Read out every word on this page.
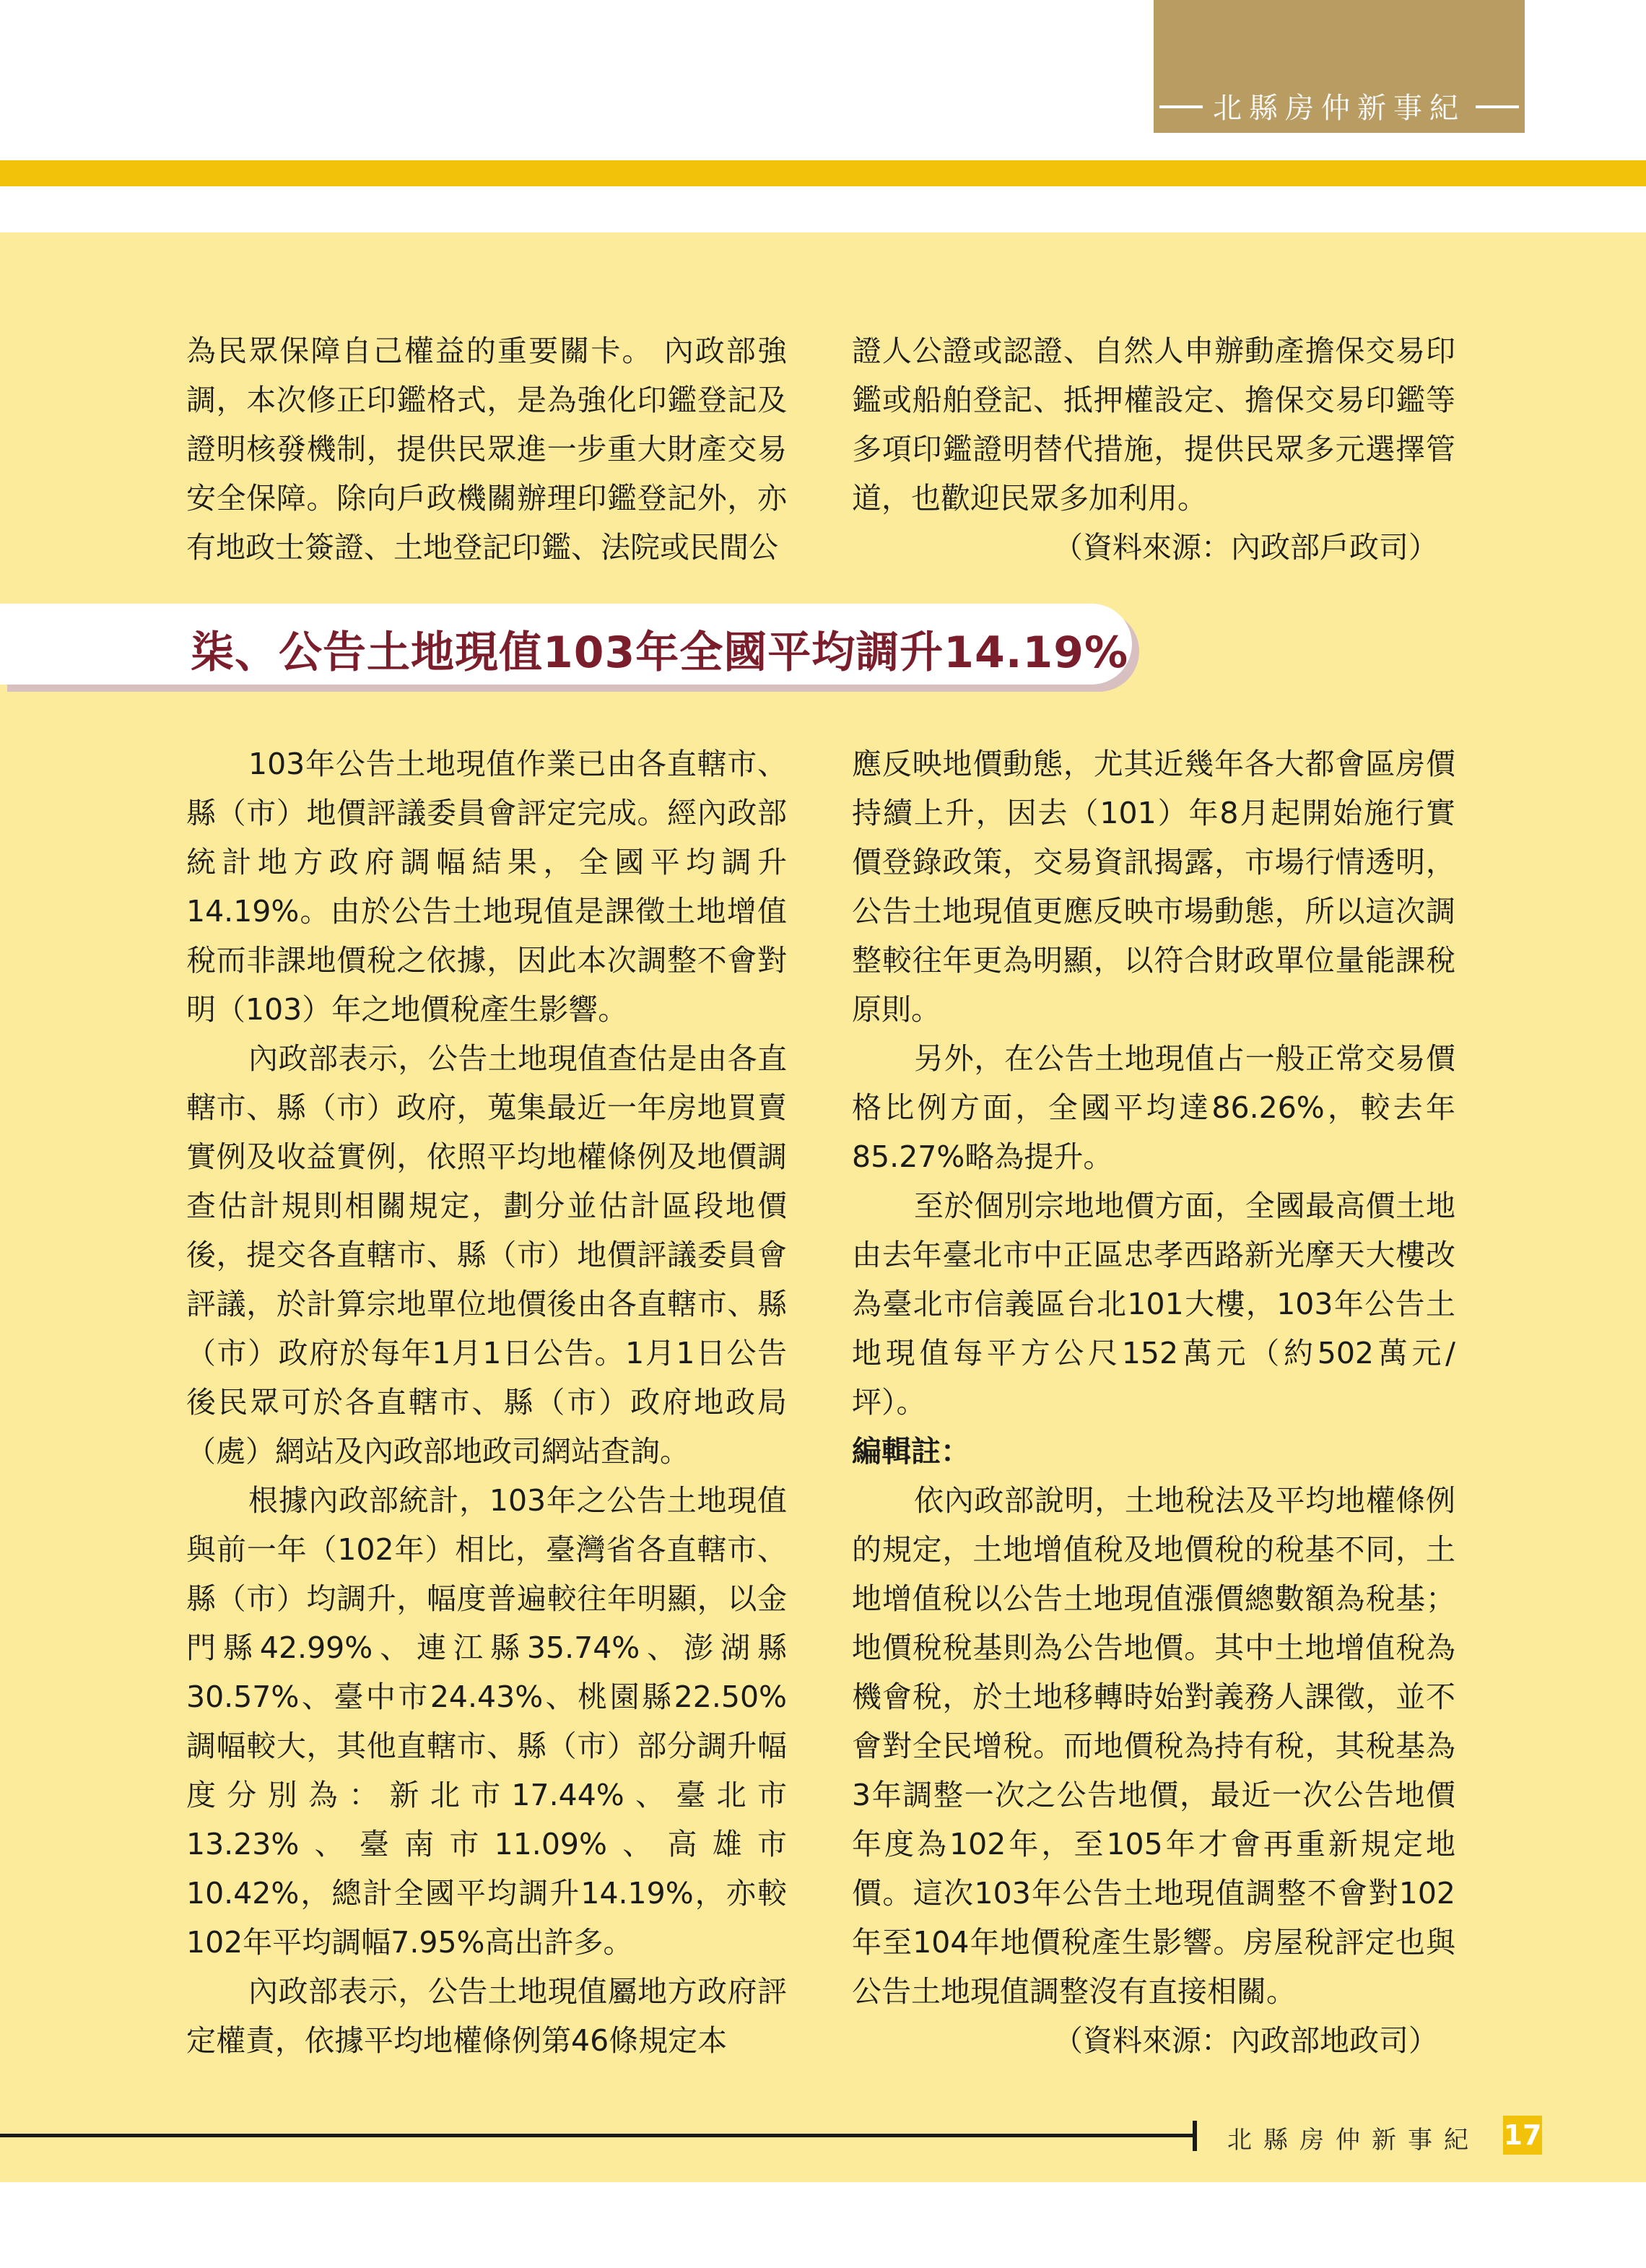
北縣房仲新事紀

為民眾保障自己權益的重要關卡。 內政部強調，本次修正印鑑格式，是為強化印鑑登記及證明核發機制，提供民眾進一步重大財產交易安全保障。除向戶政機關辦理印鑑登記外，亦有地政士簽證、土地登記印鑑、法院或民間公

證人公證或認證、自然人申辦動產擔保交易印鑑或船舶登記、抵押權設定、擔保交易印鑑等多項印鑑證明替代措施，提供民眾多元選擇管道，也歡迎民眾多加利用。

（資料來源：內政部戶政司）

柒、公告土地現值103年全國平均調升14.19%

103年公告土地現值作業已由各直轄市、縣（市）地價評議委員會評定完成。經內政部統計地方政府調幅結果，全國平均調升14.19%。由於公告土地現值是課徵土地增值稅而非課地價稅之依據，因此本次調整不會對明（103）年之地價稅產生影響。

內政部表示，公告土地現值查估是由各直轄市、縣（市）政府，蒐集最近一年房地買賣實例及收益實例，依照平均地權條例及地價調查估計規則相關規定，劃分並估計區段地價後，提交各直轄市、縣（市）地價評議委員會評議，於計算宗地單位地價後由各直轄市、縣（市）政府於每年1月1日公告。1月1日公告後民眾可於各直轄市、縣（市）政府地政局（處）網站及內政部地政司網站查詢。

根據內政部統計，103年之公告土地現值與前一年（102年）相比，臺灣省各直轄市、縣（市）均調升，幅度普遍較往年明顯，以金門縣42.99%、連江縣35.74%、澎湖縣30.57%、臺中市24.43%、桃園縣22.50%調幅較大，其他直轄市、縣（市）部分調升幅度分別為：新北市17.44%、臺北市13.23%、臺南市11.09%、高雄市10.42%，總計全國平均調升14.19%，亦較102年平均調幅7.95%高出許多。

內政部表示，公告土地現值屬地方政府評定權責，依據平均地權條例第46條規定本

應反映地價動態，尤其近幾年各大都會區房價持續上升，因去（101）年8月起開始施行實價登錄政策，交易資訊揭露，市場行情透明，公告土地現值更應反映市場動態，所以這次調整較往年更為明顯，以符合財政單位量能課稅原則。

另外，在公告土地現值占一般正常交易價格比例方面，全國平均達86.26%，較去年85.27%略為提升。

至於個別宗地地價方面，全國最高價土地由去年臺北市中正區忠孝西路新光摩天大樓改為臺北市信義區台北101大樓，103年公告土地現值每平方公尺152萬元（約502萬元/坪）。

編輯註：

依內政部說明，土地稅法及平均地權條例的規定，土地增值稅及地價稅的稅基不同，土地增值稅以公告土地現值漲價總數額為稅基；地價稅稅基則為公告地價。其中土地增值稅為機會稅，於土地移轉時始對義務人課徵，並不會對全民增稅。而地價稅為持有稅，其稅基為3年調整一次之公告地價，最近一次公告地價年度為102年，至105年才會再重新規定地價。這次103年公告土地現值調整不會對102年至104年地價稅產生影響。房屋稅評定也與公告土地現值調整沒有直接相關。

（資料來源：內政部地政司）

北縣房仲新事紀 17
